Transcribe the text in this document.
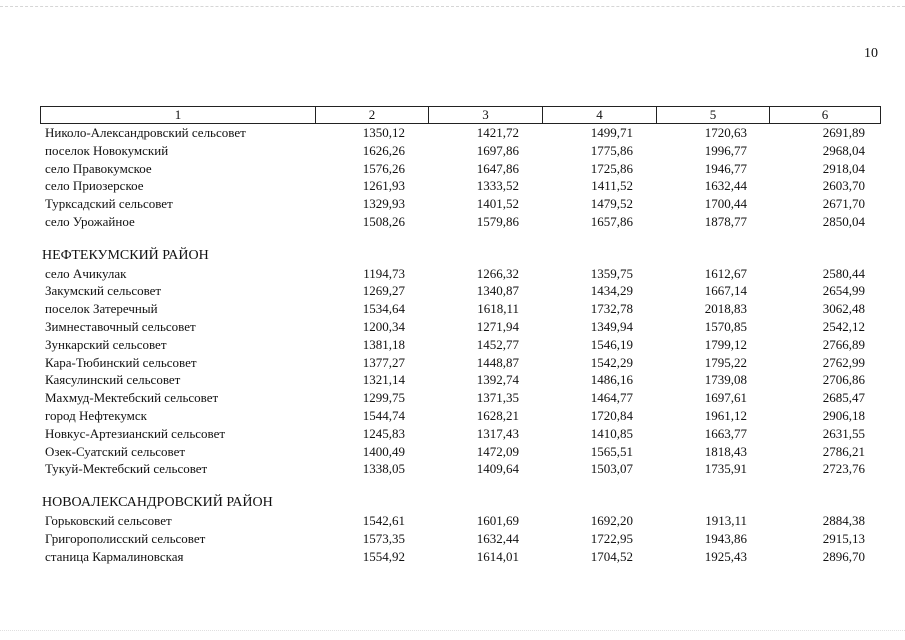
10
1	2	3	4	5	6
Николо-Александровский сельсовет	1350,12	1421,72	1499,71	1720,63	2691,89
поселок Новокумский	1626,26	1697,86	1775,86	1996,77	2968,04
село Правокумское	1576,26	1647,86	1725,86	1946,77	2918,04
село Приозерское	1261,93	1333,52	1411,52	1632,44	2603,70
Турксадский сельсовет	1329,93	1401,52	1479,52	1700,44	2671,70
село Урожайное	1508,26	1579,86	1657,86	1878,77	2850,04
НЕФТЕКУМСКИЙ РАЙОН
село Ачикулак	1194,73	1266,32	1359,75	1612,67	2580,44
Закумский сельсовет	1269,27	1340,87	1434,29	1667,14	2654,99
поселок Затеречный	1534,64	1618,11	1732,78	2018,83	3062,48
Зимнеставочный сельсовет	1200,34	1271,94	1349,94	1570,85	2542,12
Зункарский сельсовет	1381,18	1452,77	1546,19	1799,12	2766,89
Кара-Тюбинский сельсовет	1377,27	1448,87	1542,29	1795,22	2762,99
Каясулинский сельсовет	1321,14	1392,74	1486,16	1739,08	2706,86
Махмуд-Мектебский сельсовет	1299,75	1371,35	1464,77	1697,61	2685,47
город Нефтекумск	1544,74	1628,21	1720,84	1961,12	2906,18
Новкус-Артезианский сельсовет	1245,83	1317,43	1410,85	1663,77	2631,55
Озек-Суатский сельсовет	1400,49	1472,09	1565,51	1818,43	2786,21
Тукуй-Мектебский сельсовет	1338,05	1409,64	1503,07	1735,91	2723,76
НОВОАЛЕКСАНДРОВСКИЙ РАЙОН
Горьковский сельсовет	1542,61	1601,69	1692,20	1913,11	2884,38
Григорополисский сельсовет	1573,35	1632,44	1722,95	1943,86	2915,13
станица Кармалиновская	1554,92	1614,01	1704,52	1925,43	2896,70
